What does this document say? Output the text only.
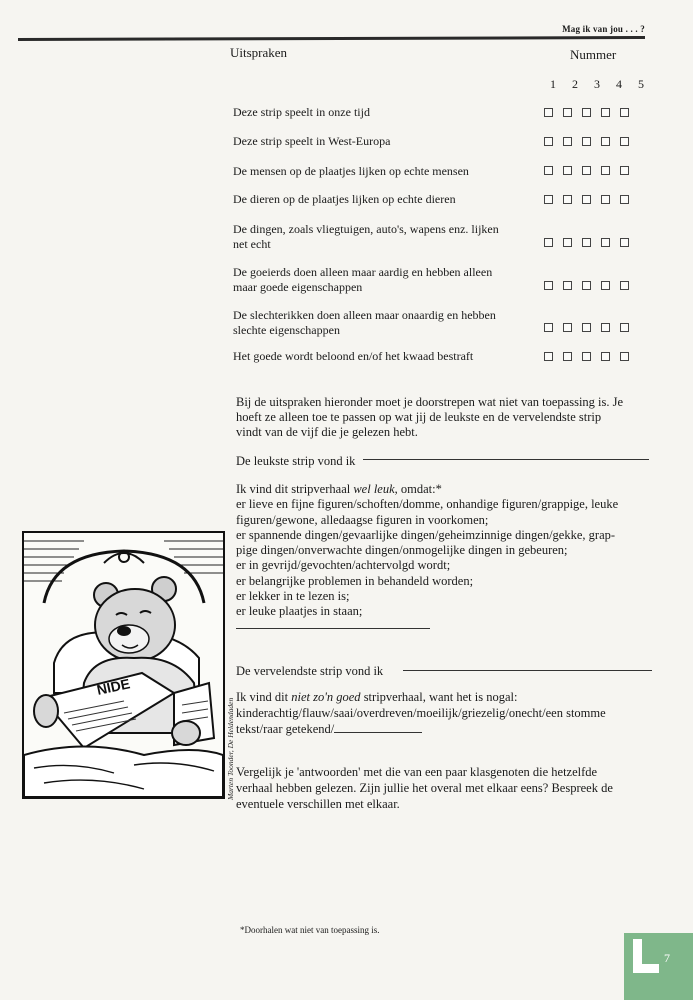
Mag ik van jou . . . ?
Uitspraken	Nummer
1	2	3	4	5
Deze strip speelt in onze tijd
Deze strip speelt in West-Europa
De mensen op de plaatjes lijken op echte mensen
De dieren op de plaatjes lijken op echte dieren
De dingen, zoals vliegtuigen, auto's, wapens enz. lijken
net echt
De goeierds doen alleen maar aardig en hebben alleen
maar goede eigenschappen
De slechterikken doen alleen maar onaardig en hebben
slechte eigenschappen
Het goede wordt beloond en/of het kwaad bestraft
Bij de uitspraken hieronder moet je doorstrepen wat niet van toepassing is. Je
hoeft ze alleen toe te passen op wat jij de leukste en de vervelendste strip
vindt van de vijf die je gelezen hebt.
De leukste strip vond ik
Ik vind dit stripverhaal wel leuk, omdat:*
er lieve en fijne figuren/schoften/domme, onhandige figuren/grappige, leuke
figuren/gewone, alledaagse figuren in voorkomen;
er spannende dingen/gevaarlijke dingen/geheimzinnige dingen/gekke, grap-
pige dingen/onverwachte dingen/onmogelijke dingen in gebeuren;
er in gevrijd/gevochten/achtervolgd wordt;
er belangrijke problemen in behandeld worden;
er lekker in te lezen is;
er leuke plaatjes in staan;
De vervelendste strip vond ik
Ik vind dit niet zo'n goed stripverhaal, want het is nogal:
kinderachtig/flauw/saai/overdreven/moeilijk/griezelig/onecht/een stomme
tekst/raar getekend/
Vergelijk je 'antwoorden' met die van een paar klasgenoten die hetzelfde
verhaal hebben gelezen. Zijn jullie het overal met elkaar eens? Bespreek de
eventuele verschillen met elkaar.
NIDE
Marten Toonder, De Heldendaden
*Doorhalen wat niet van toepassing is.
7
